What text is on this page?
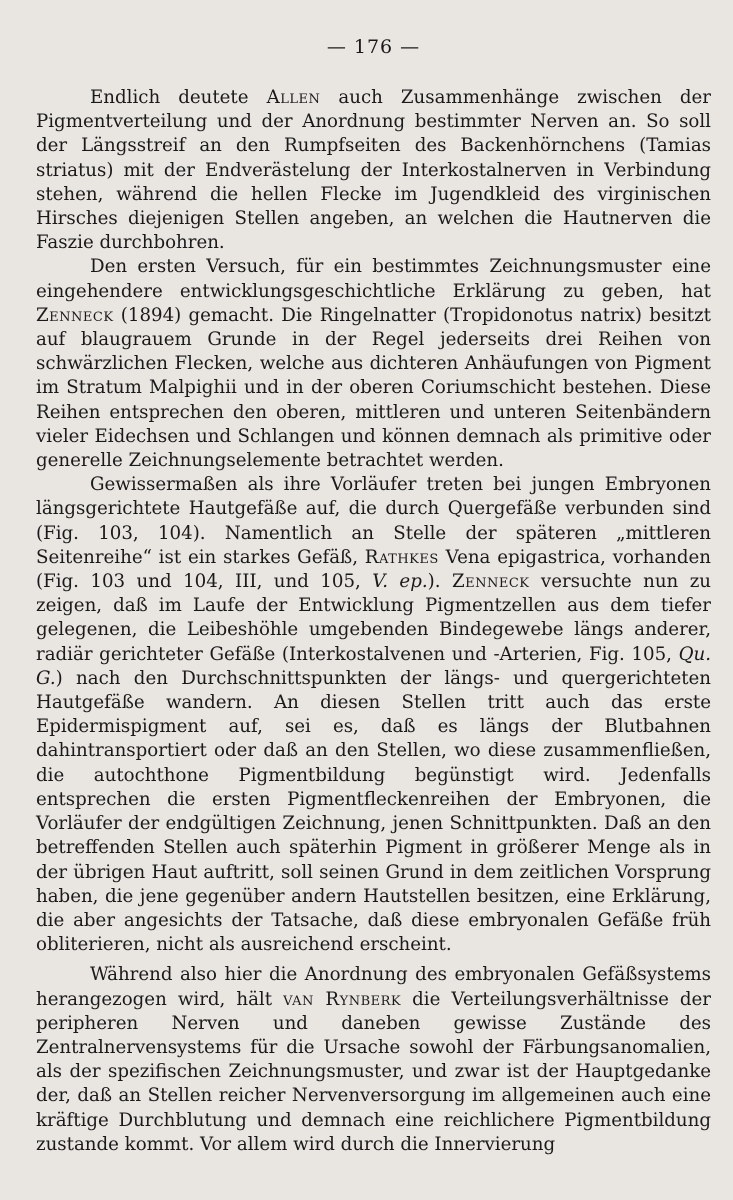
— 176 —

Endlich deutete Allen auch Zusammenhänge zwischen der Pigmentverteilung und der Anordnung bestimmter Nerven an. So soll der Längsstreif an den Rumpfseiten des Backenhörnchens (Tamias striatus) mit der Endverästelung der Interkostalnerven in Verbindung stehen, während die hellen Flecke im Jugendkleid des virginischen Hirsches diejenigen Stellen angeben, an welchen die Hautnerven die Faszie durchbohren.

Den ersten Versuch, für ein bestimmtes Zeichnungsmuster eine eingehendere entwicklungsgeschichtliche Erklärung zu geben, hat Zenneck (1894) gemacht. Die Ringelnatter (Tropidonotus natrix) besitzt auf blaugrauem Grunde in der Regel jederseits drei Reihen von schwärzlichen Flecken, welche aus dichteren Anhäufungen von Pigment im Stratum Malpighii und in der oberen Coriumschicht bestehen. Diese Reihen entsprechen den oberen, mittleren und unteren Seitenbändern vieler Eidechsen und Schlangen und können demnach als primitive oder generelle Zeichnungselemente betrachtet werden.

Gewissermaßen als ihre Vorläufer treten bei jungen Embryonen längsgerichtete Hautgefäße auf, die durch Quergefäße verbunden sind (Fig. 103, 104). Namentlich an Stelle der späteren „mittleren Seitenreihe“ ist ein starkes Gefäß, Rathkes Vena epigastrica, vorhanden (Fig. 103 und 104, III, und 105, V. ep.). Zenneck versuchte nun zu zeigen, daß im Laufe der Entwicklung Pigmentzellen aus dem tiefer gelegenen, die Leibeshöhle umgebenden Bindegewebe längs anderer, radiär gerichteter Gefäße (Interkostalvenen und -Arterien, Fig. 105, Qu. G.) nach den Durchschnittspunkten der längs- und quergerichteten Hautgefäße wandern. An diesen Stellen tritt auch das erste Epidermispigment auf, sei es, daß es längs der Blutbahnen dahintransportiert oder daß an den Stellen, wo diese zusammenfließen, die autochthone Pigmentbildung begünstigt wird. Jedenfalls entsprechen die ersten Pigmentfleckenreihen der Embryonen, die Vorläufer der endgültigen Zeichnung, jenen Schnittpunkten. Daß an den betreffenden Stellen auch späterhin Pigment in größerer Menge als in der übrigen Haut auftritt, soll seinen Grund in dem zeitlichen Vorsprung haben, die jene gegenüber andern Hautstellen besitzen, eine Erklärung, die aber angesichts der Tatsache, daß diese embryonalen Gefäße früh obliterieren, nicht als ausreichend erscheint.

Während also hier die Anordnung des embryonalen Gefäßsystems herangezogen wird, hält van Rynberk die Verteilungsverhältnisse der peripheren Nerven und daneben gewisse Zustände des Zentralnervensystems für die Ursache sowohl der Färbungsanomalien, als der spezifischen Zeichnungsmuster, und zwar ist der Hauptgedanke der, daß an Stellen reicher Nervenversorgung im allgemeinen auch eine kräftige Durchblutung und demnach eine reichlichere Pigmentbildung zustande kommt. Vor allem wird durch die Innervierung
